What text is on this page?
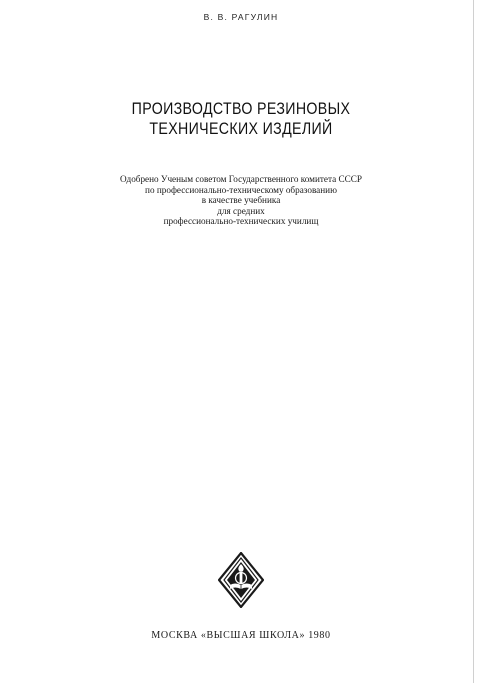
В. В. РАГУЛИН
ПРОИЗВОДСТВО РЕЗИНОВЫХ
ТЕХНИЧЕСКИХ ИЗДЕЛИЙ
Одобрено Ученым советом Государственного комитета СССР
по профессионально-техническому образованию
в качестве учебника
для средних
профессионально-технических училищ
МОСКВА «ВЫСШАЯ ШКОЛА» 1980
